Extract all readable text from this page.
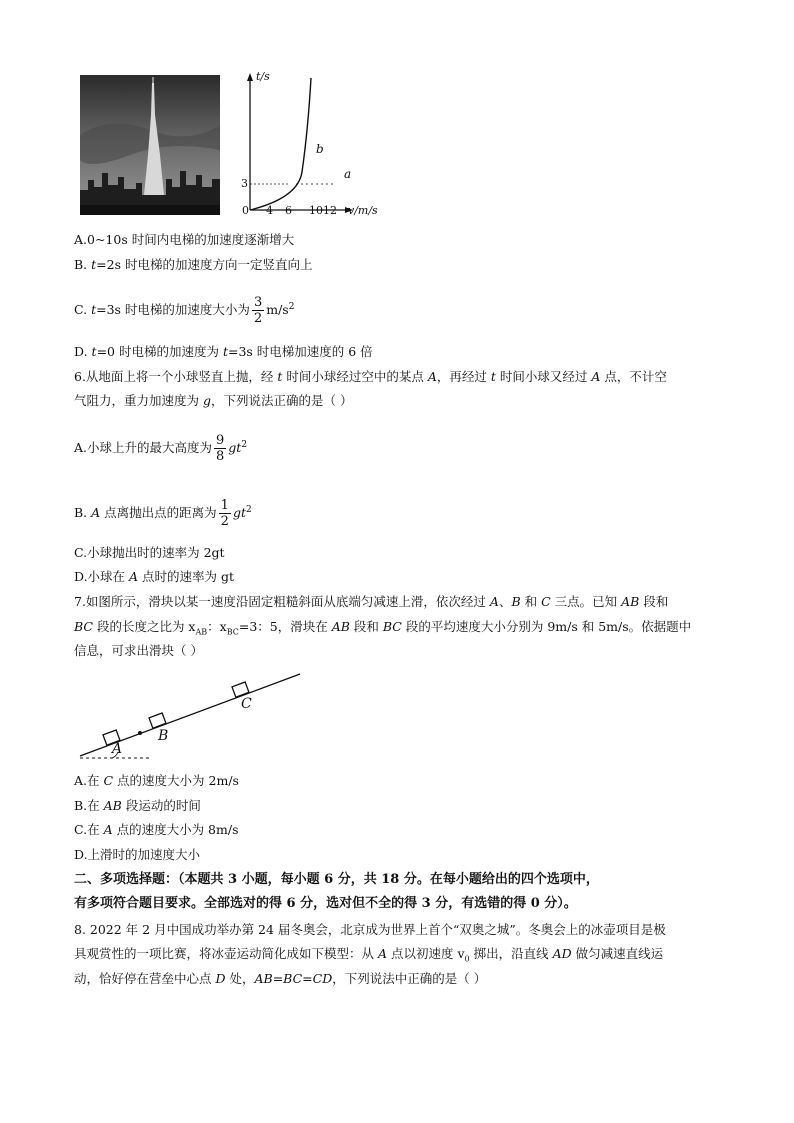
t/s
v/m/s
0
3
4 6 1012
b
a
A.0~10s 时间内电梯的加速度逐渐增大
B. t=2s 时电梯的加速度方向一定竖直向上
C. t=3s 时电梯的加速度大小为 $\frac{3}{2} m/s^2$
D. t=0 时电梯的加速度为 t=3s 时电梯加速度的 6 倍
6.从地面上将一个小球竖直上抛，经 t 时间小球经过空中的某点 A，再经过 t 时间小球又经过 A 点，不计空
气阻力，重力加速度为 g，下列说法正确的是（ ）
A.小球上升的最大高度为 $\frac{9}{8} gt^2$
B. A 点离抛出点的距离为 $\frac{1}{2} gt^2$
C.小球抛出时的速率为 2gt
D.小球在 A 点时的速率为 gt
7.如图所示，滑块以某一速度沿固定粗糙斜面从底端匀减速上滑，依次经过 A、B 和 C 三点。已知 AB 段和
BC 段的长度之比为 $x_{AB}$：$x_{BC}=3$：5，滑块在 AB 段和 BC 段的平均速度大小分别为 9m/s 和 5m/s。依据题中
信息，可求出滑块（ ）
A
B
C
A.在 C 点的速度大小为 2m/s
B.在 AB 段运动的时间
C.在 A 点的速度大小为 8m/s
D.上滑时的加速度大小
二、多项选择题：（本题共 3 小题，每小题 6 分，共 18 分。在每小题给出的四个选项中，
有多项符合题目要求。全部选对的得 6 分，选对但不全的得 3 分，有选错的得 0 分）。
8. 2022 年 2 月中国成功举办第 24 届冬奥会，北京成为世界上首个“双奥之城”。冬奥会上的冰壶项目是极
具观赏性的一项比赛，将冰壶运动简化成如下模型：从 A 点以初速度 $v_0$ 掷出，沿直线 AD 做匀减速直线运
动，恰好停在营垒中心点 D 处，AB=BC=CD，下列说法中正确的是（ ）
